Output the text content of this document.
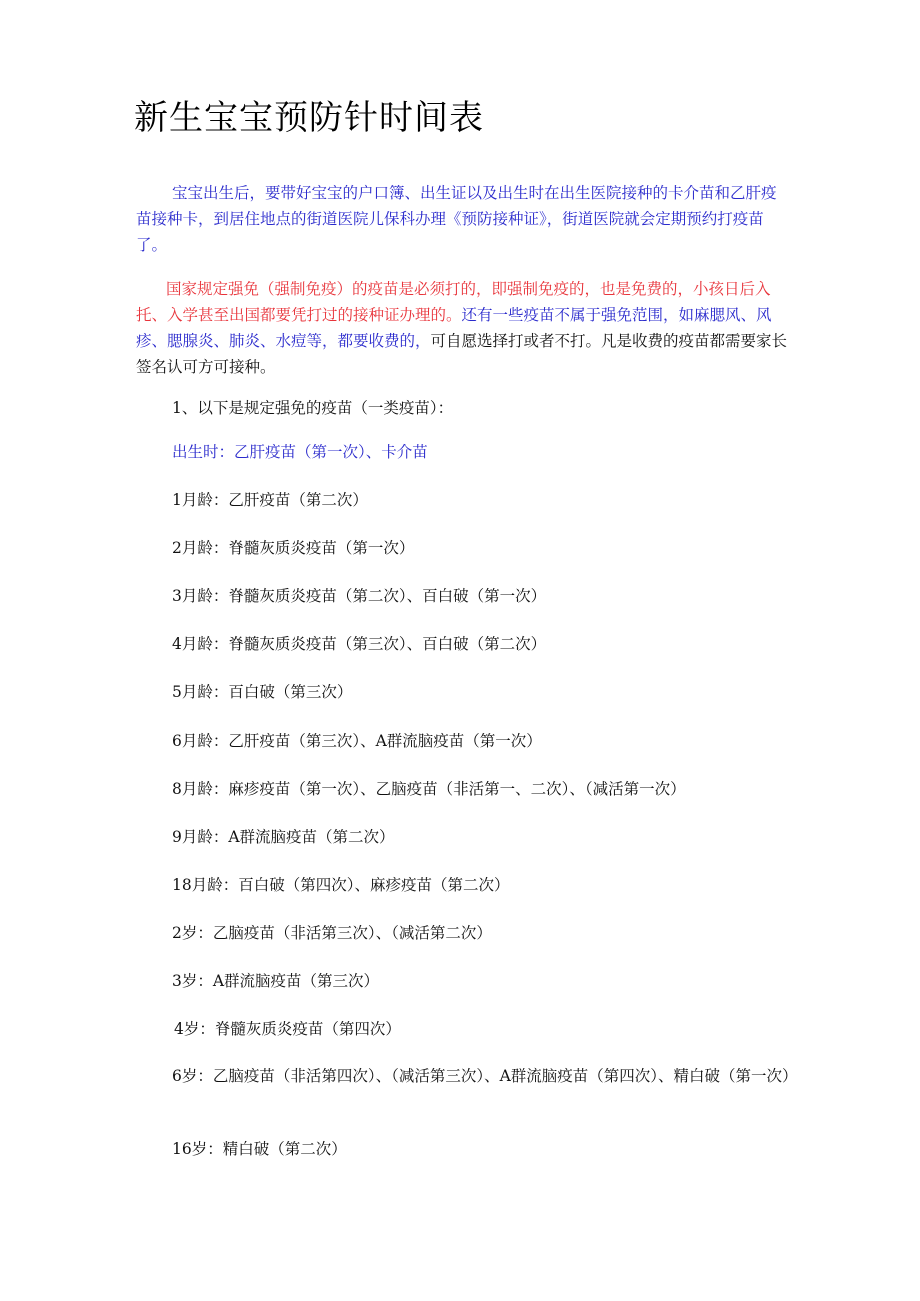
新生宝宝预防针时间表

宝宝出生后，要带好宝宝的户口簿、出生证以及出生时在出生医院接种的卡介苗和乙肝疫苗接种卡，到居住地点的街道医院儿保科办理《预防接种证》，街道医院就会定期预约打疫苗了。

国家规定强免（强制免疫）的疫苗是必须打的，即强制免疫的，也是免费的，小孩日后入托、入学甚至出国都要凭打过的接种证办理的。还有一些疫苗不属于强免范围，如麻腮风、风疹、腮腺炎、肺炎、水痘等，都要收费的，可自愿选择打或者不打。凡是收费的疫苗都需要家长签名认可方可接种。

1、以下是规定强免的疫苗（一类疫苗）：

出生时：乙肝疫苗（第一次）、卡介苗

1月龄：乙肝疫苗（第二次）

2月龄：脊髓灰质炎疫苗（第一次）

3月龄：脊髓灰质炎疫苗（第二次）、百白破（第一次）

4月龄：脊髓灰质炎疫苗（第三次）、百白破（第二次）

5月龄：百白破（第三次）

6月龄：乙肝疫苗（第三次）、A群流脑疫苗（第一次）

8月龄：麻疹疫苗（第一次）、乙脑疫苗（非活第一、二次）、（减活第一次）

9月龄：A群流脑疫苗（第二次）

18月龄：百白破（第四次）、麻疹疫苗（第二次）

2岁：乙脑疫苗（非活第三次）、（减活第二次）

3岁：A群流脑疫苗（第三次）

4岁：脊髓灰质炎疫苗（第四次）

6岁：乙脑疫苗（非活第四次）、（减活第三次）、A群流脑疫苗（第四次）、精白破（第一次）

16岁：精白破（第二次）
